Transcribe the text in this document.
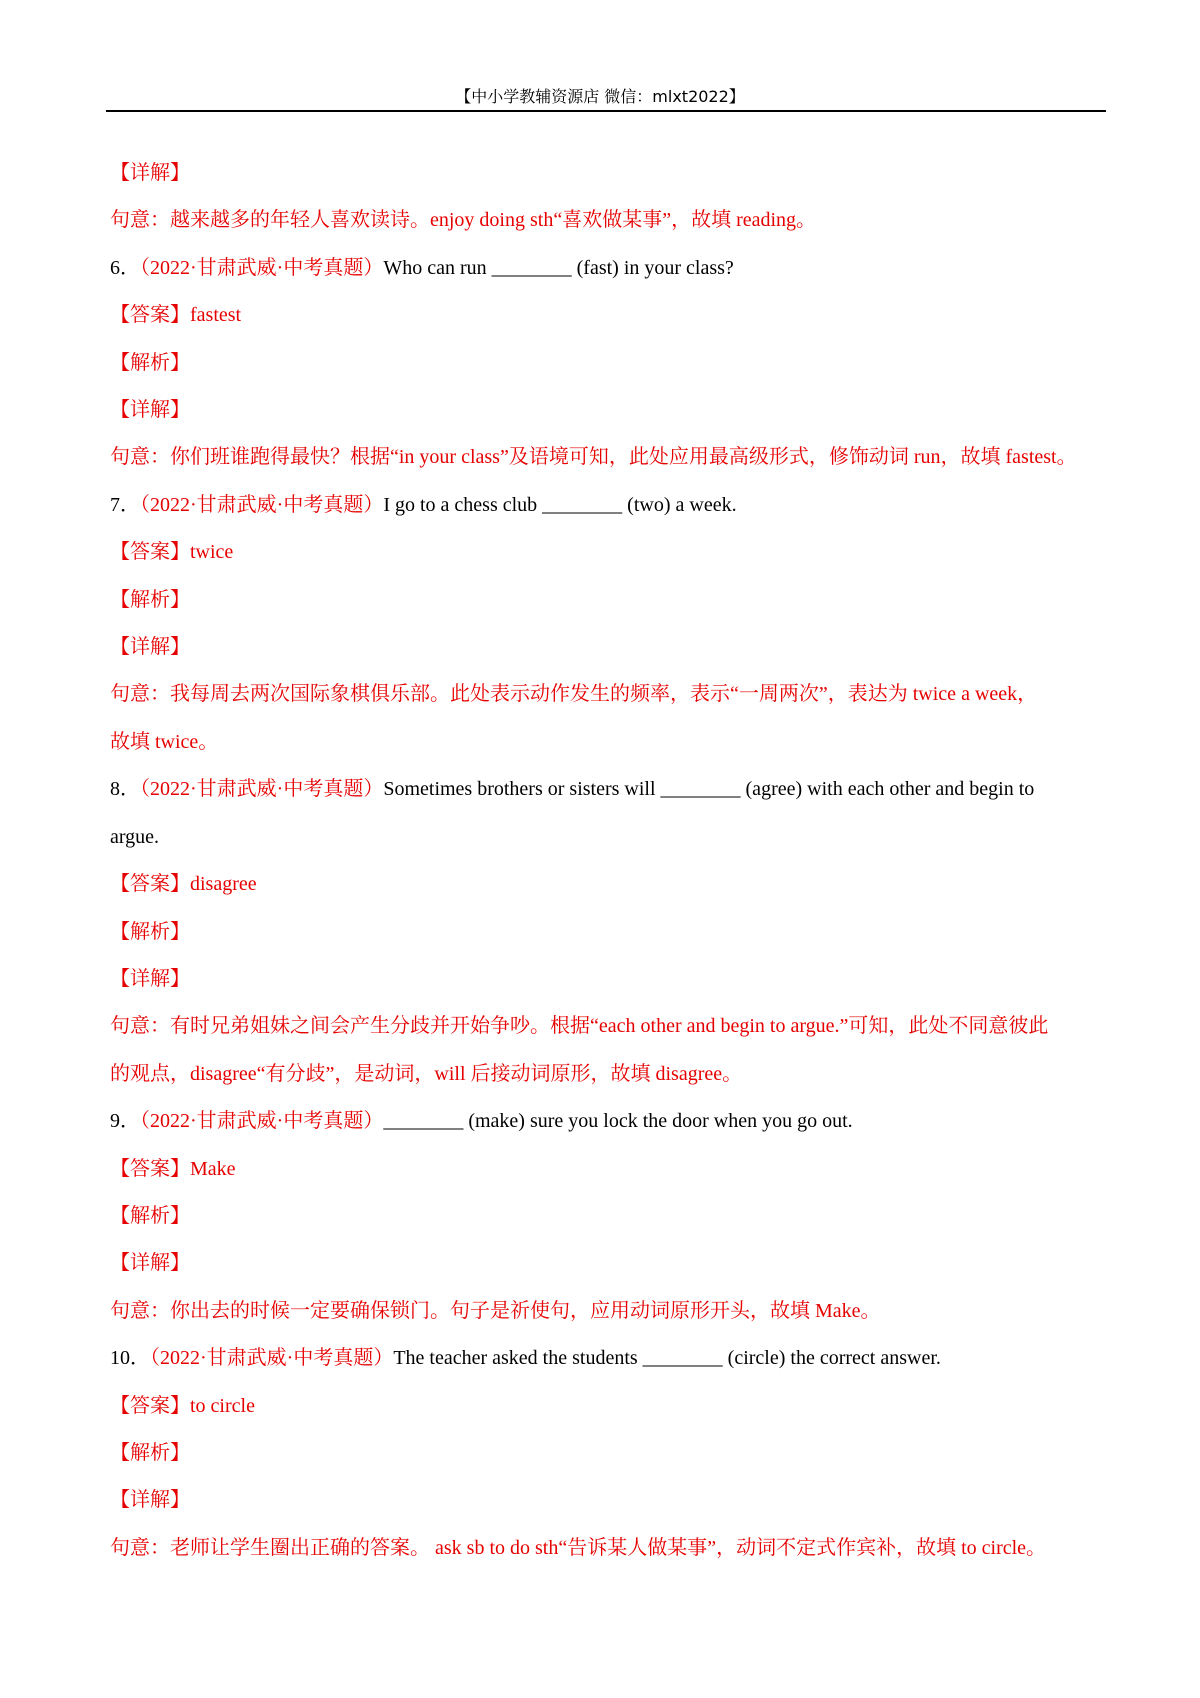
【中小学教辅资源店 微信：mlxt2022】
【详解】
句意：越来越多的年轻人喜欢读诗。enjoy doing sth“喜欢做某事”，故填 reading。
6．（2022·甘肃武威·中考真题）Who can run ________ (fast) in your class?
【答案】fastest
【解析】
【详解】
句意：你们班谁跑得最快？根据“in your class”及语境可知，此处应用最高级形式，修饰动词 run，故填 fastest。
7．（2022·甘肃武威·中考真题）I go to a chess club ________ (two) a week.
【答案】twice
【解析】
【详解】
句意：我每周去两次国际象棋俱乐部。此处表示动作发生的频率，表示“一周两次”，表达为 twice a week，
故填 twice。
8．（2022·甘肃武威·中考真题）Sometimes brothers or sisters will ________ (agree) with each other and begin to
argue.
【答案】disagree
【解析】
【详解】
句意：有时兄弟姐妹之间会产生分歧并开始争吵。根据“each other and begin to argue.”可知，此处不同意彼此
的观点，disagree“有分歧”，是动词，will 后接动词原形，故填 disagree。
9．（2022·甘肃武威·中考真题）________ (make) sure you lock the door when you go out.
【答案】Make
【解析】
【详解】
句意：你出去的时候一定要确保锁门。句子是祈使句，应用动词原形开头，故填 Make。
10．（2022·甘肃武威·中考真题）The teacher asked the students ________ (circle) the correct answer.
【答案】to circle
【解析】
【详解】
句意：老师让学生圈出正确的答案。 ask sb to do sth“告诉某人做某事”，动词不定式作宾补，故填 to circle。
